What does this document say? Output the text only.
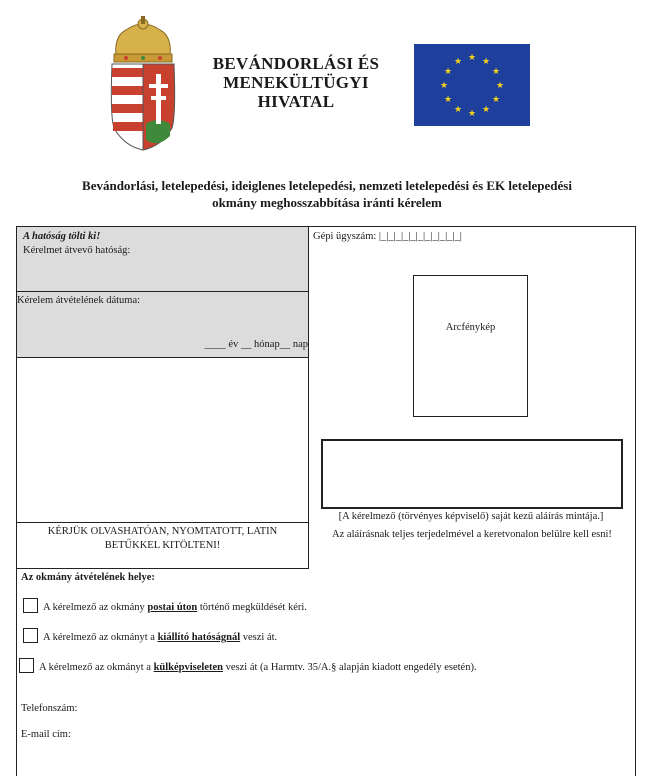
BEVÁNDORLÁSI ÉS
MENEKÜLTÜGYI
HIVATAL
★ ★
★
★
★
★
★
★
★
★
★
★
Bevándorlási, letelepedési, ideiglenes letelepedési, nemzeti letelepedési és EK letelepedési
okmány meghosszabbítása iránti kérelem
A hatóság tölti ki!
Kérelmet átvevő hatóság:
Kérelem átvételének dátuma:
____ év __ hónap__ nap
KÉRJÜK OLVASHATÓAN, NYOMTATOTT, LATIN BETŰKKEL KITÖLTENI!
Gépi ügyszám: |_|_|_|_|_|_|_|_|_|_|_|
Arcfénykép
[A kérelmező (törvényes képviselő) saját kezű aláírás mintája.]
Az aláírásnak teljes terjedelmével a keretvonalon belülre kell esni!
Az okmány átvételének helye:
A kérelmező az okmány postai úton történő megküldését kéri.
A kérelmező az okmányt a kiállító hatóságnál veszi át.
A kérelmező az okmányt a külképviseleten veszi át (a Harmtv. 35/A.§ alapján kiadott engedély esetén).
Telefonszám:
E-mail cím:
